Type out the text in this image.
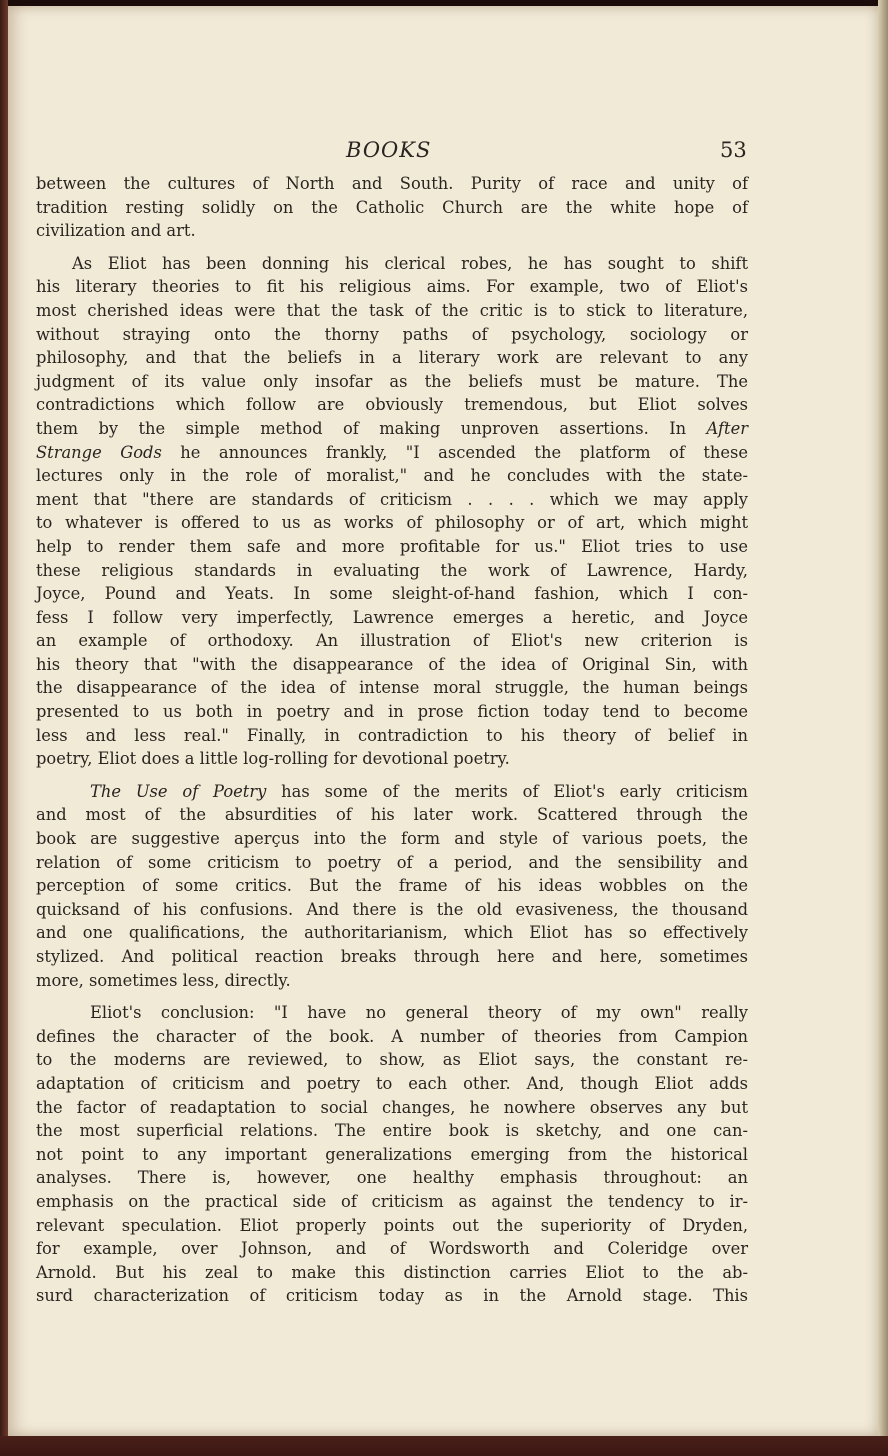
BOOKS	53
between the cultures of North and South. Purity of race and unity of
tradition resting solidly on the Catholic Church are the white hope of
civilization and art.
As Eliot has been donning his clerical robes, he has sought to shift
his literary theories to fit his religious aims. For example, two of Eliot's
most cherished ideas were that the task of the critic is to stick to literature,
without straying onto the thorny paths of psychology, sociology or
philosophy, and that the beliefs in a literary work are relevant to any
judgment of its value only insofar as the beliefs must be mature. The
contradictions which follow are obviously tremendous, but Eliot solves
them by the simple method of making unproven assertions. In After
Strange Gods he announces frankly, "I ascended the platform of these
lectures only in the role of moralist," and he concludes with the state-
ment that "there are standards of criticism . . . . which we may apply
to whatever is offered to us as works of philosophy or of art, which might
help to render them safe and more profitable for us." Eliot tries to use
these religious standards in evaluating the work of Lawrence, Hardy,
Joyce, Pound and Yeats. In some sleight-of-hand fashion, which I con-
fess I follow very imperfectly, Lawrence emerges a heretic, and Joyce
an example of orthodoxy. An illustration of Eliot's new criterion is
his theory that "with the disappearance of the idea of Original Sin, with
the disappearance of the idea of intense moral struggle, the human beings
presented to us both in poetry and in prose fiction today tend to become
less and less real." Finally, in contradiction to his theory of belief in
poetry, Eliot does a little log-rolling for devotional poetry.
The Use of Poetry has some of the merits of Eliot's early criticism
and most of the absurdities of his later work. Scattered through the
book are suggestive aperçus into the form and style of various poets, the
relation of some criticism to poetry of a period, and the sensibility and
perception of some critics. But the frame of his ideas wobbles on the
quicksand of his confusions. And there is the old evasiveness, the thousand
and one qualifications, the authoritarianism, which Eliot has so effectively
stylized. And political reaction breaks through here and here, sometimes
more, sometimes less, directly.
Eliot's conclusion: "I have no general theory of my own" really
defines the character of the book. A number of theories from Campion
to the moderns are reviewed, to show, as Eliot says, the constant re-
adaptation of criticism and poetry to each other. And, though Eliot adds
the factor of readaptation to social changes, he nowhere observes any but
the most superficial relations. The entire book is sketchy, and one can-
not point to any important generalizations emerging from the historical
analyses. There is, however, one healthy emphasis throughout: an
emphasis on the practical side of criticism as against the tendency to ir-
relevant speculation. Eliot properly points out the superiority of Dryden,
for example, over Johnson, and of Wordsworth and Coleridge over
Arnold. But his zeal to make this distinction carries Eliot to the ab-
surd characterization of criticism today as in the Arnold stage. This
